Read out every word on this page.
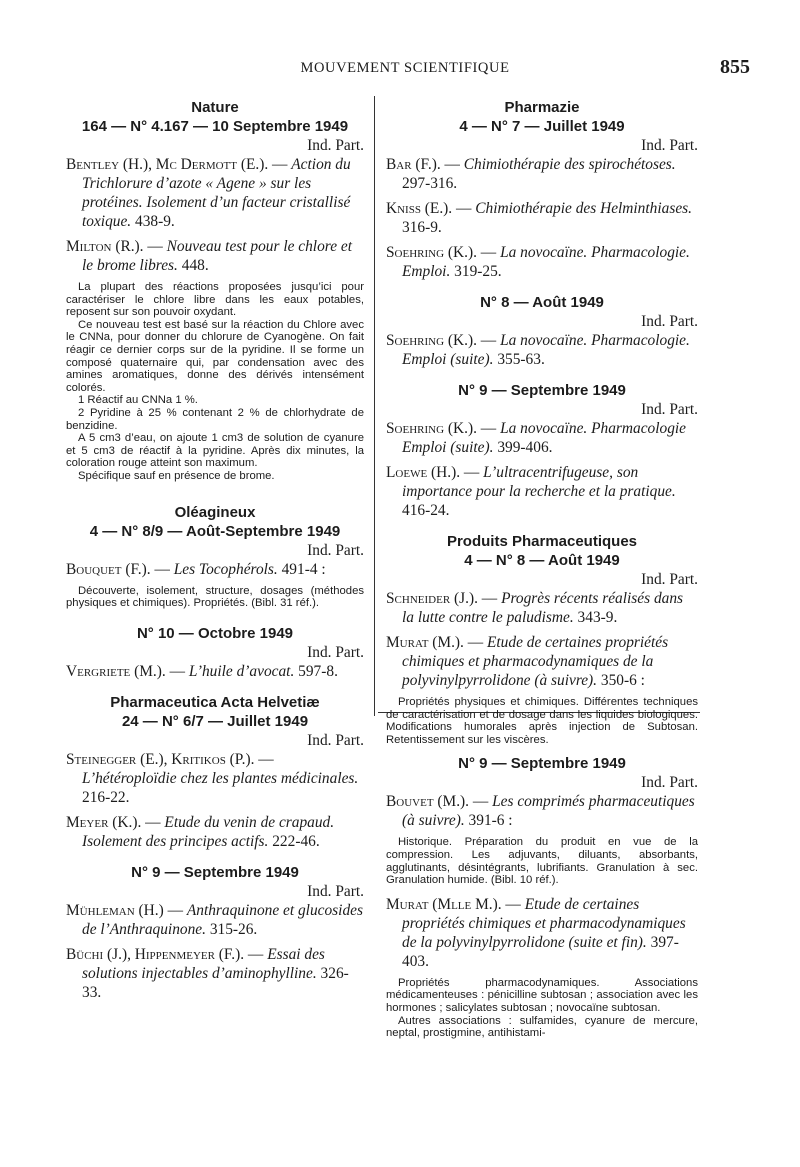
MOUVEMENT SCIENTIFIQUE	855
Nature
164 — N° 4.167 — 10 Septembre 1949
Ind. Part.
Bentley (H.), Mc Dermott (E.). — Action du Trichlorure d’azote « Agene » sur les protéines. Isolement d’un facteur cristallisé toxique. 438-9.
Milton (R.). — Nouveau test pour le chlore et le brome libres. 448.

La plupart des réactions proposées jusqu’ici pour caractériser le chlore libre dans les eaux potables, reposent sur son pouvoir oxydant.

Ce nouveau test est basé sur la réaction du Chlore avec le CNNa, pour donner du chlorure de Cyanogène. On fait réagir ce dernier corps sur de la pyridine. Il se forme un composé quaternaire qui, par condensation avec des amines aromatiques, donne des dérivés intensément colorés.

1 Réactif au CNNa 1 %.

2 Pyridine à 25 % contenant 2 % de chlorhydrate de benzidine.

A 5 cm3 d’eau, on ajoute 1 cm3 de solution de cyanure et 5 cm3 de réactif à la pyridine. Après dix minutes, la coloration rouge atteint son maximum.

Spécifique sauf en présence de brome.

Oléagineux
4 — N° 8/9 — Août-Septembre 1949
Ind. Part.
Bouquet (F.). — Les Tocophérols. 491-4 :

Découverte, isolement, structure, dosages (méthodes physiques et chimiques). Propriétés. (Bibl. 31 réf.).

N° 10 — Octobre 1949
Ind. Part.
Vergriete (M.). — L’huile d’avocat. 597-8.
Pharmaceutica Acta Helvetiæ
24 — N° 6/7 — Juillet 1949
Ind. Part.
Steinegger (E.), Kritikos (P.). — L’hétéroploïdie chez les plantes médicinales. 216-22.
Meyer (K.). — Etude du venin de crapaud. Isolement des principes actifs. 222-46.
N° 9 — Septembre 1949
Ind. Part.
Mühleman (H.) — Anthraquinone et glucosides de l’Anthraquinone. 315-26.
Büchi (J.), Hippenmeyer (F.). — Essai des solutions injectables d’aminophylline. 326-33.
Pharmazie
4 — N° 7 — Juillet 1949
Ind. Part.
Bar (F.). — Chimiothérapie des spirochétoses. 297-316.
Kniss (E.). — Chimiothérapie des Helminthiases. 316-9.
Soehring (K.). — La novocaïne. Pharmacologie. Emploi. 319-25.
N° 8 — Août 1949
Ind. Part.
Soehring (K.). — La novocaïne. Pharmacologie. Emploi (suite). 355-63.
N° 9 — Septembre 1949
Ind. Part.
Soehring (K.). — La novocaïne. Pharmacologie Emploi (suite). 399-406.
Loewe (H.). — L’ultracentrifugeuse, son importance pour la recherche et la pratique. 416-24.
Produits Pharmaceutiques
4 — N° 8 — Août 1949
Ind. Part.
Schneider (J.). — Progrès récents réalisés dans la lutte contre le paludisme. 343-9.
Murat (M.). — Etude de certaines propriétés chimiques et pharmacodynamiques de la polyvinylpyrrolidone (à suivre). 350-6 :

Propriétés physiques et chimiques. Différentes techniques de caractérisation et de dosage dans les liquides biologiques. Modifications humorales après injection de Subtosan. Retentissement sur les viscères.

N° 9 — Septembre 1949
Ind. Part.
Bouvet (M.). — Les comprimés pharmaceutiques (à suivre). 391-6 :

Historique. Préparation du produit en vue de la compression. Les adjuvants, diluants, absorbants, agglutinants, désintégrants, lubrifiants. Granulation à sec. Granulation humide. (Bibl. 10 réf.).

Murat (Mlle M.). — Etude de certaines propriétés chimiques et pharmacodynamiques de la polyvinylpyrrolidone (suite et fin). 397-403.

Propriétés pharmacodynamiques. Associations médicamenteuses : pénicilline subtosan ; association avec les hormones ; salicylates subtosan ; novocaïne subtosan.

Autres associations : sulfamides, cyanure de mercure, neptal, prostigmine, antihistami-
